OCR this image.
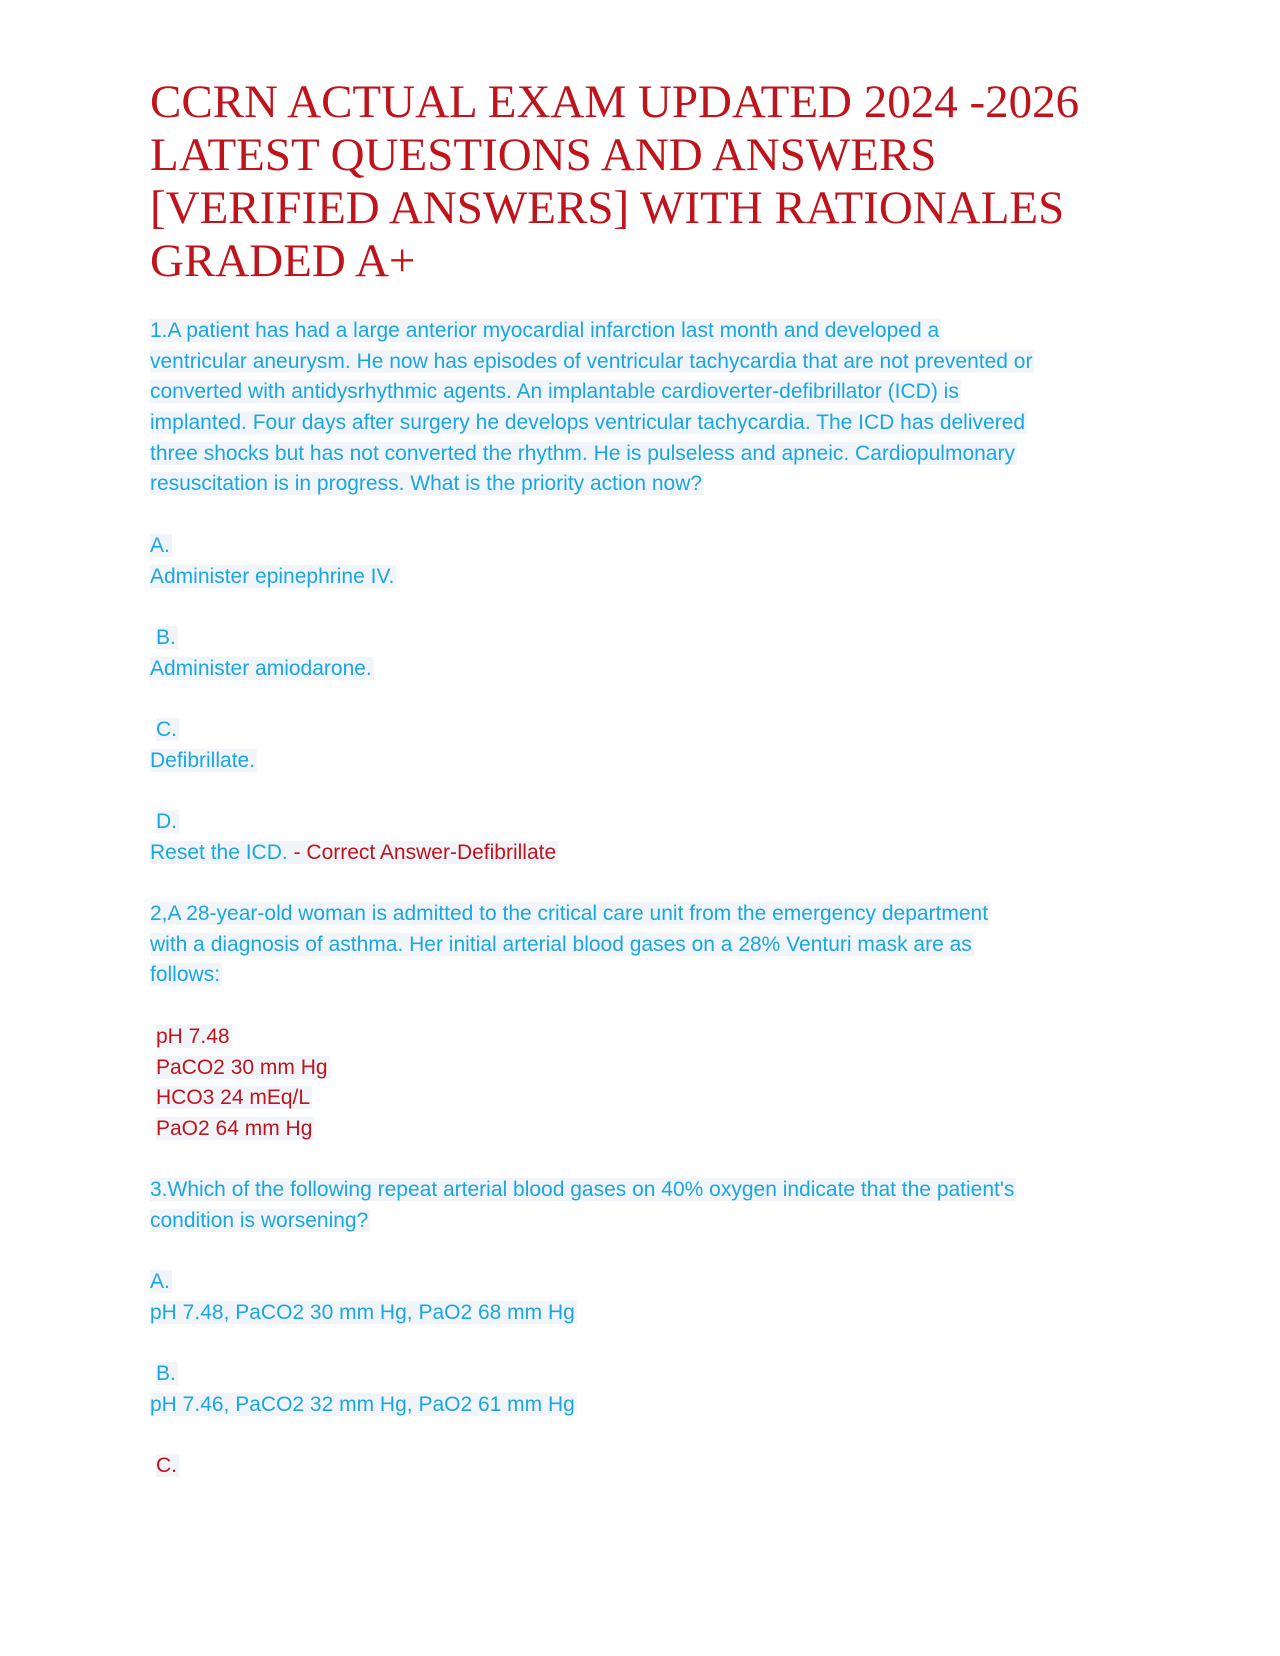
CCRN ACTUAL EXAM UPDATED 2024 -2026
LATEST QUESTIONS AND ANSWERS
[VERIFIED ANSWERS] WITH RATIONALES
GRADED A+
1.A patient has had a large anterior myocardial infarction last month and developed a
ventricular aneurysm. He now has episodes of ventricular tachycardia that are not prevented or
converted with antidysrhythmic agents. An implantable cardioverter-defibrillator (ICD) is
implanted. Four days after surgery he develops ventricular tachycardia. The ICD has delivered
three shocks but has not converted the rhythm. He is pulseless and apneic. Cardiopulmonary
resuscitation is in progress. What is the priority action now?
A.
Administer epinephrine IV.
B.
Administer amiodarone.
C.
Defibrillate.
D.
Reset the ICD. - Correct Answer-Defibrillate
2,A 28-year-old woman is admitted to the critical care unit from the emergency department
with a diagnosis of asthma. Her initial arterial blood gases on a 28% Venturi mask are as
follows:
pH 7.48
PaCO2 30 mm Hg
HCO3 24 mEq/L
PaO2 64 mm Hg
3.Which of the following repeat arterial blood gases on 40% oxygen indicate that the patient's
condition is worsening?
A.
pH 7.48, PaCO2 30 mm Hg, PaO2 68 mm Hg
B.
pH 7.46, PaCO2 32 mm Hg, PaO2 61 mm Hg
C.
